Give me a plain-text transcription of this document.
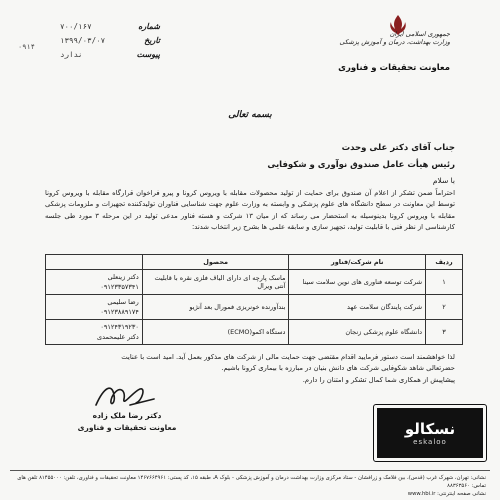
جمهوری اسلامی ایران
وزارت بهداشت، درمان و آموزش پزشکی
معاونت تحقیقات و فناوری
شماره
۷۰۰/۱۶۷
تاریخ
۱۳۹۹/۰۳/۰۷
پیوست
ندارد
۰۹۱۴
بسمه تعالی
جناب آقای دکتر علی وحدت
رئیس هیأت عامل صندوق نوآوری و شکوفایی
با سلام
احتراماً ضمن تشکر از اعلام آن صندوق برای حمایت از تولید محصولات مقابله با ویروس کرونا و پیرو فراخوان قرارگاه مقابله با ویروس کرونا توسط این معاونت در سطح دانشگاه های علوم پزشکی و وابسته به وزارت علوم جهت شناسایی فناوران تولیدکننده تجهیزات و ملزومات پزشکی مقابله با ویروس کرونا بدینوسیله به استحضار می رساند که از میان ۱۳ شرکت و هسته فناور مدعی تولید در این مرحله ۳ مورد طی جلسه کارشناسی از نظر فنی با قابلیت تولید، تجهیز سازی و سابقه علمی ها بشرح زیر انتخاب شدند:
ردیف	نام شرکت/فناور	محصول	
۱	شرکت توسعه فناوری های نوین سلامت سینا	ماسک پارچه ای دارای الیاف فلزی نقره با قابلیت آنتی ویرال	دکتر زینعلی
۰۹۱۲۳۳۵۷۳۴۱

۲	شرکت پایندگان سلامت عهد	بندآورنده خونریزی فمورال بعد آنژیو	رضا سلیمی
۰۹۱۲۳۸۸۹۱۷۴

۳	دانشگاه علوم پزشکی زنجان	دستگاه اکمو(ECMO)	۰۹۱۲۴۳۱۹۲۳۰
دکتر علیمحمدی
لذا خواهشمند است دستور فرمایید اقدام مقتضی جهت حمایت مالی از شرکت های مذکور بعمل آید. امید است با عنایت
حضرتعالی شاهد شکوفایی شرکت های دانش بنیان در مبارزه با بیماری کرونا باشیم.
پیشاپیش از همکاری شما کمال تشکر و امتنان را دارم.
دکتر رضا ملک زاده
معاونت تحقیقات و فناوری	نسکالو
eskaloo
نشانی: تهران، شهرک غرب (قدس)، بین فلامک و زرافشان - ستاد مرکزی وزارت بهداشت درمان و آموزش پزشکی - بلوک A، طبقه ۱۵، کد پستی: ۱۴۶۷۶۶۴۹۶۱ معاونت تحقیقات و فناوری، تلفن: ۸۱۴۵۵۰۰۰ تلفن های تماس: ۸۸۳۶۳۵۶۰
نشانی صفحه اینترنتی: www.hbi.ir
